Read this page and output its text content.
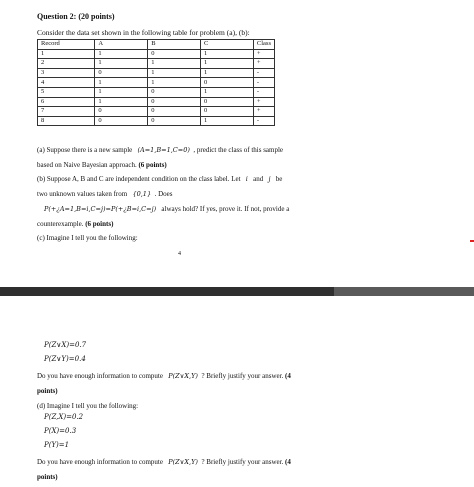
Question 2: (20 points)
Consider the data set shown in the following table for problem (a), (b):
Record	A	B	C	Class
1	1	0	1	+
2	1	1	1	+
3	0	1	1	-
4	1	1	0	-
5	1	0	1	-
6	1	0	0	+
7	0	0	0	+
8	0	0	1	-
(a) Suppose there is a new sample (A=1,B=1,C=0) , predict the class of this sample
based on Naive Bayesian approach. (6 points)
(b) Suppose A, B and C are independent condition on the class label. Let i and j be
two unknown values taken from {0,1} . Does
P(+¿A=1,B=i,C=j)=P(+¿B=i,C=j) always hold? If yes, prove it. If not, provide a
counterexample. (6 points)
(c) Imagine I tell you the following:
4
P(Z∨X)=0.7
P(Z∨Y)=0.4
Do you have enough information to compute P(Z∨X,Y) ? Briefly justify your answer. (4
points)
(d) Imagine I tell you the following:
P(Z,X)=0.2
P(X)=0.3
P(Y)=1
Do you have enough information to compute P(Z∨X,Y) ? Briefly justify your answer. (4
points)
